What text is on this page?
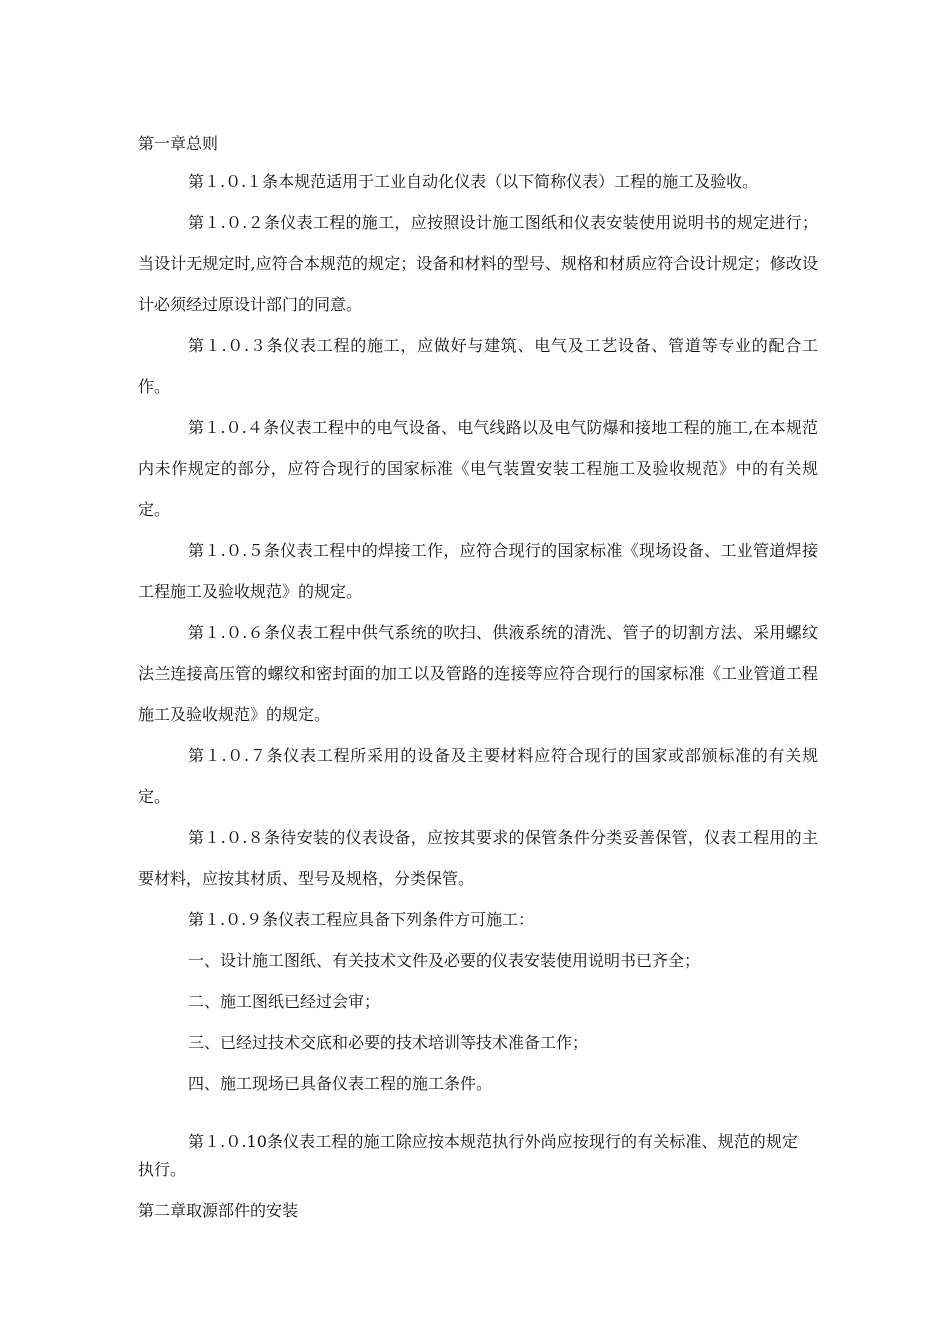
第一章总则

第１.０.１条本规范适用于工业自动化仪表（以下简称仪表）工程的施工及验收。

第１.０.２条仪表工程的施工，应按照设计施工图纸和仪表安装使用说明书的规定进行；当设计无规定时,应符合本规范的规定；设备和材料的型号、规格和材质应符合设计规定；修改设计必须经过原设计部门的同意。

第１.０.３条仪表工程的施工，应做好与建筑、电气及工艺设备、管道等专业的配合工作。

第１.０.４条仪表工程中的电气设备、电气线路以及电气防爆和接地工程的施工,在本规范内未作规定的部分，应符合现行的国家标准《电气装置安装工程施工及验收规范》中的有关规定。

第１.０.５条仪表工程中的焊接工作，应符合现行的国家标准《现场设备、工业管道焊接工程施工及验收规范》的规定。

第１.０.６条仪表工程中供气系统的吹扫、供液系统的清洗、管子的切割方法、采用螺纹法兰连接高压管的螺纹和密封面的加工以及管路的连接等应符合现行的国家标准《工业管道工程施工及验收规范》的规定。

第１.０.７条仪表工程所采用的设备及主要材料应符合现行的国家或部颁标准的有关规定。

第１.０.８条待安装的仪表设备，应按其要求的保管条件分类妥善保管，仪表工程用的主要材料，应按其材质、型号及规格，分类保管。

第１.０.９条仪表工程应具备下列条件方可施工：

一、设计施工图纸、有关技术文件及必要的仪表安装使用说明书已齐全；

二、施工图纸已经过会审；

三、已经过技术交底和必要的技术培训等技术准备工作；

四、施工现场已具备仪表工程的施工条件。

第１.０.10条仪表工程的施工除应按本规范执行外尚应按现行的有关标准、规范的规定执行。

第二章取源部件的安装
